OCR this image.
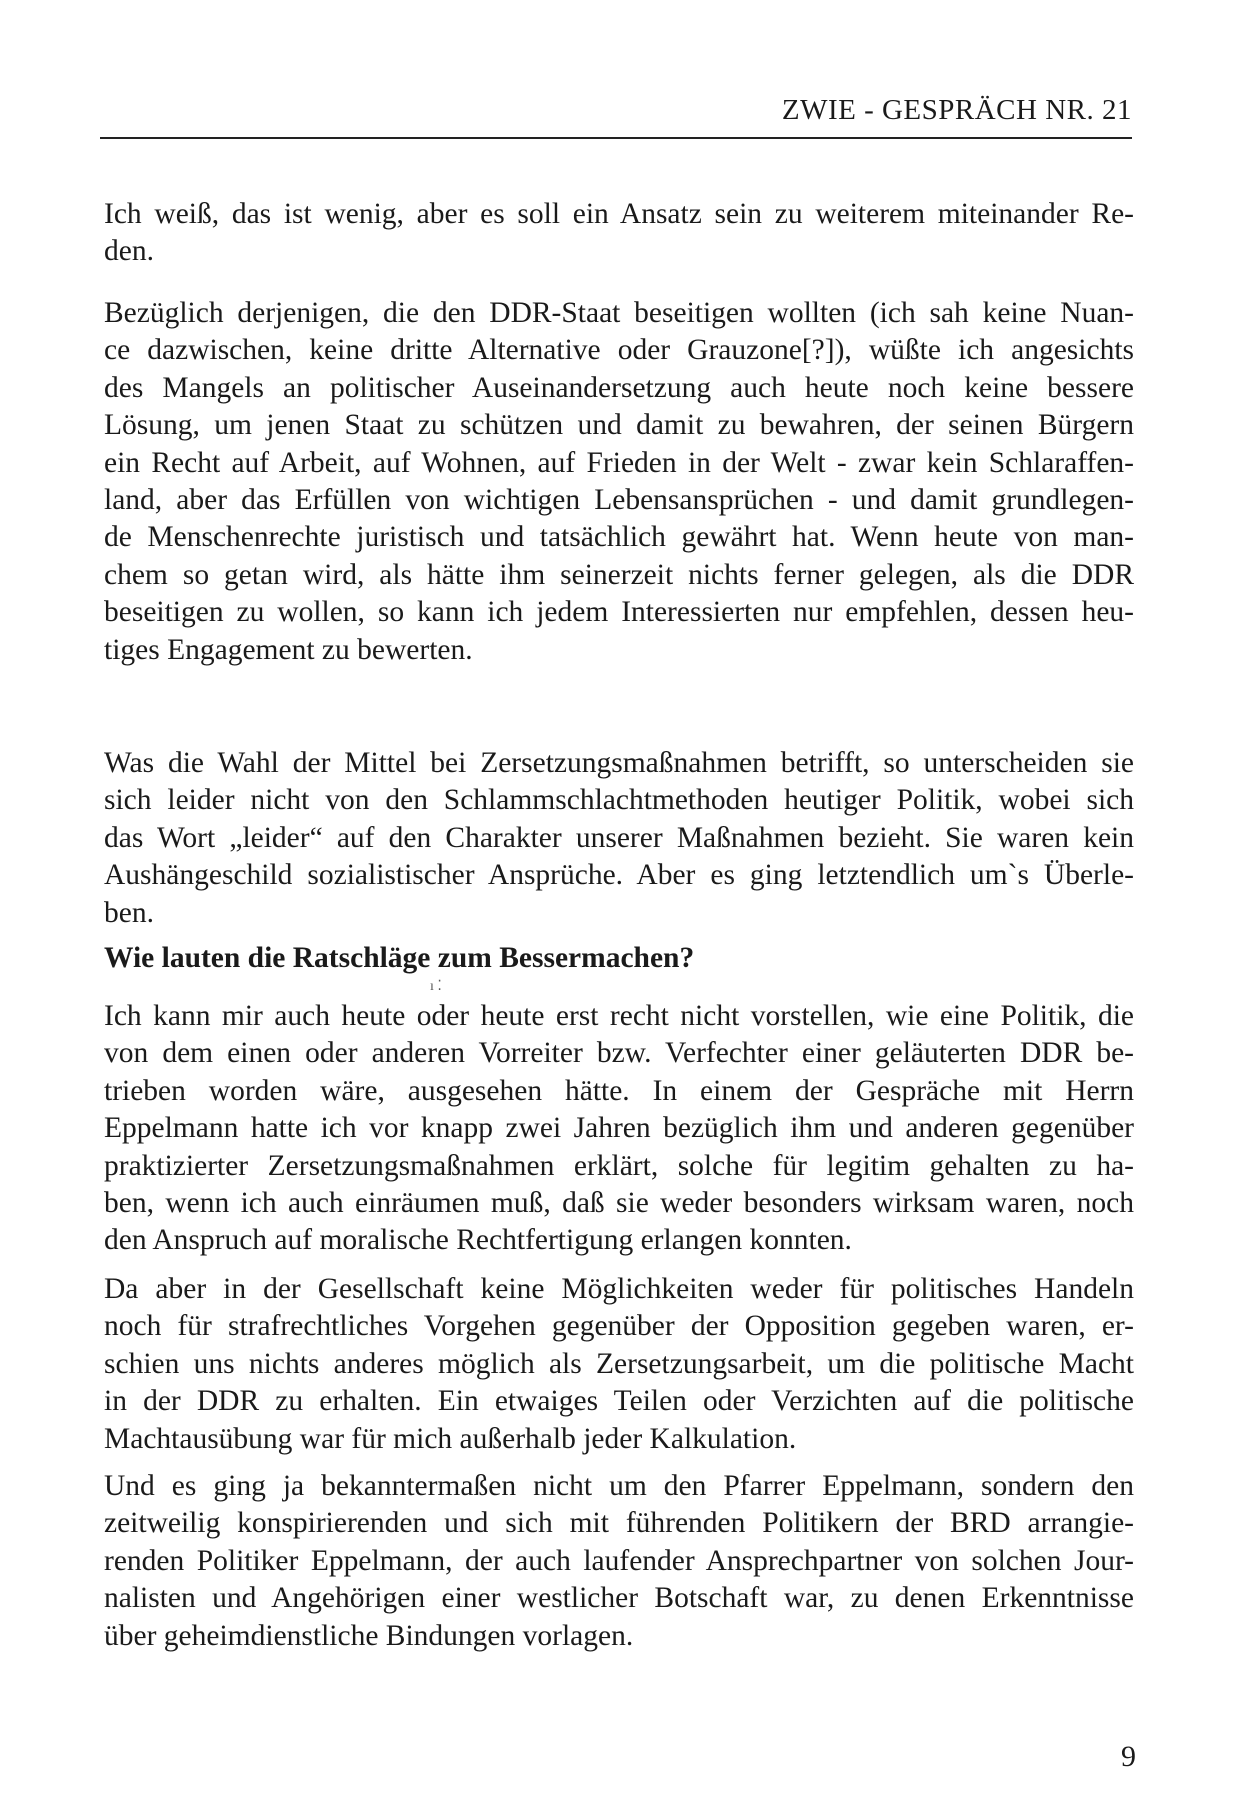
ZWIE - GESPRÄCH NR. 21
Ich weiß, das ist wenig, aber es soll ein Ansatz sein zu weiterem miteinander Re-
den.
Bezüglich derjenigen, die den DDR-Staat beseitigen wollten (ich sah keine Nuan-
ce dazwischen, keine dritte Alternative oder Grauzone[?]), wüßte ich angesichts
des Mangels an politischer Auseinandersetzung auch heute noch keine bessere
Lösung, um jenen Staat zu schützen und damit zu bewahren, der seinen Bürgern
ein Recht auf Arbeit, auf Wohnen, auf Frieden in der Welt - zwar kein Schlaraffen-
land, aber das Erfüllen von wichtigen Lebensansprüchen - und damit grundlegen-
de Menschenrechte juristisch und tatsächlich gewährt hat. Wenn heute von man-
chem so getan wird, als hätte ihm seinerzeit nichts ferner gelegen, als die DDR
beseitigen zu wollen, so kann ich jedem Interessierten nur empfehlen, dessen heu-
tiges Engagement zu bewerten.
Was die Wahl der Mittel bei Zersetzungsmaßnahmen betrifft, so unterscheiden sie
sich leider nicht von den Schlammschlachtmethoden heutiger Politik, wobei sich
das Wort „leider“ auf den Charakter unserer Maßnahmen bezieht. Sie waren kein
Aushängeschild sozialistischer Ansprüche. Aber es ging letztendlich um`s Überle-
ben.
Wie lauten die Ratschläge zum Bessermachen?
ı ⁚
Ich kann mir auch heute oder heute erst recht nicht vorstellen, wie eine Politik, die
von dem einen oder anderen Vorreiter bzw. Verfechter einer geläuterten DDR be-
trieben worden wäre, ausgesehen hätte. In einem der Gespräche mit Herrn
Eppelmann hatte ich vor knapp zwei Jahren bezüglich ihm und anderen gegenüber
praktizierter Zersetzungsmaßnahmen erklärt, solche für legitim gehalten zu ha-
ben, wenn ich auch einräumen muß, daß sie weder besonders wirksam waren, noch
den Anspruch auf moralische Rechtfertigung erlangen konnten.
Da aber in der Gesellschaft keine Möglichkeiten weder für politisches Handeln
noch für strafrechtliches Vorgehen gegenüber der Opposition gegeben waren, er-
schien uns nichts anderes möglich als Zersetzungsarbeit, um die politische Macht
in der DDR zu erhalten. Ein etwaiges Teilen oder Verzichten auf die politische
Machtausübung war für mich außerhalb jeder Kalkulation.
Und es ging ja bekanntermaßen nicht um den Pfarrer Eppelmann, sondern den
zeitweilig konspirierenden und sich mit führenden Politikern der BRD arrangie-
renden Politiker Eppelmann, der auch laufender Ansprechpartner von solchen Jour-
nalisten und Angehörigen einer westlicher Botschaft war, zu denen Erkenntnisse
über geheimdienstliche Bindungen vorlagen.
9
